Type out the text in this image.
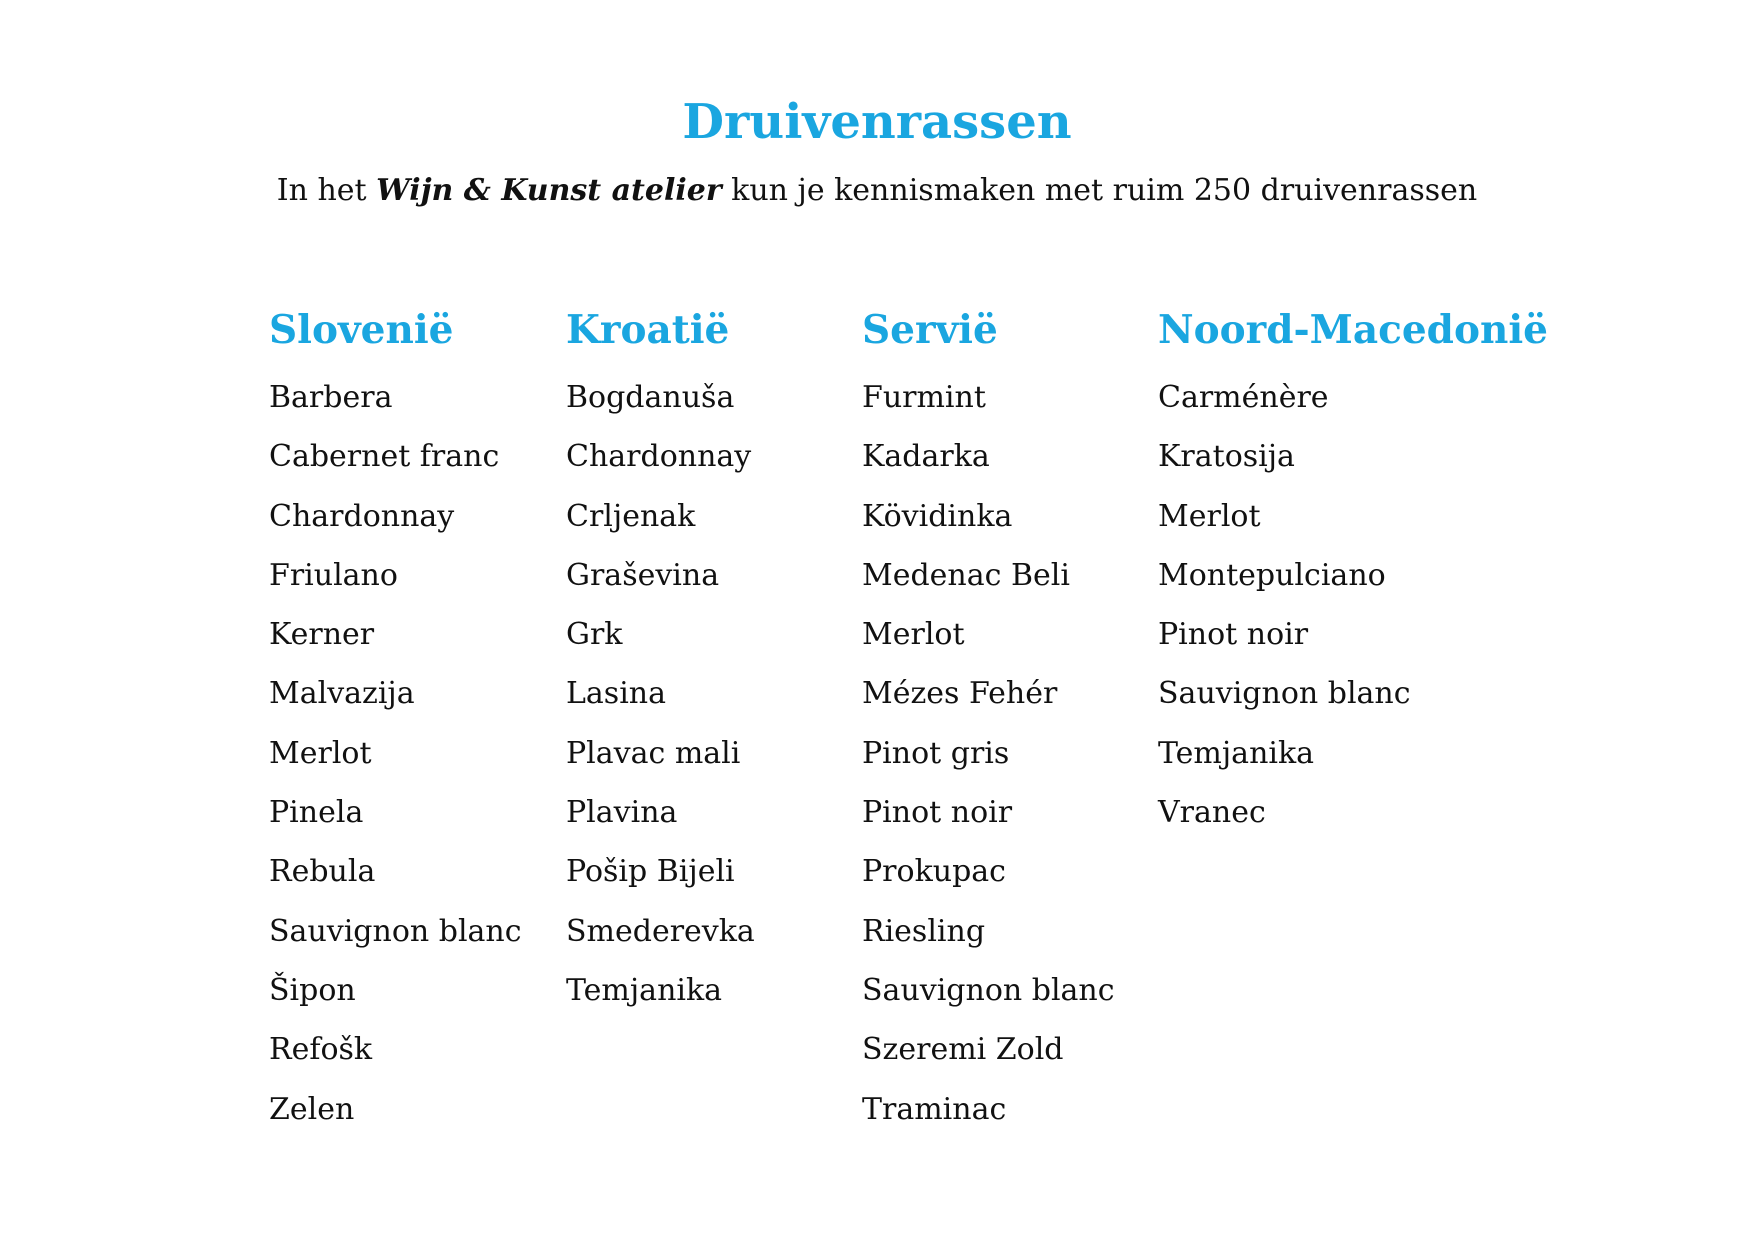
Druivenrassen
In het Wijn & Kunst atelier kun je kennismaken met ruim 250 druivenrassen
Slovenië
Barbera
Cabernet franc
Chardonnay
Friulano
Kerner
Malvazija
Merlot
Pinela
Rebula
Sauvignon blanc
Šipon
Refošk
Zelen
Kroatië
Bogdanuša
Chardonnay
Crljenak
Graševina
Grk
Lasina
Plavac mali
Plavina
Pošip Bijeli
Smederevka
Temjanika
Servië
Furmint
Kadarka
Kövidinka
Medenac Beli
Merlot
Mézes Fehér
Pinot gris
Pinot noir
Prokupac
Riesling
Sauvignon blanc
Szeremi Zold
Traminac
Noord-Macedonië
Carménère
Kratosija
Merlot
Montepulciano
Pinot noir
Sauvignon blanc
Temjanika
Vranec
